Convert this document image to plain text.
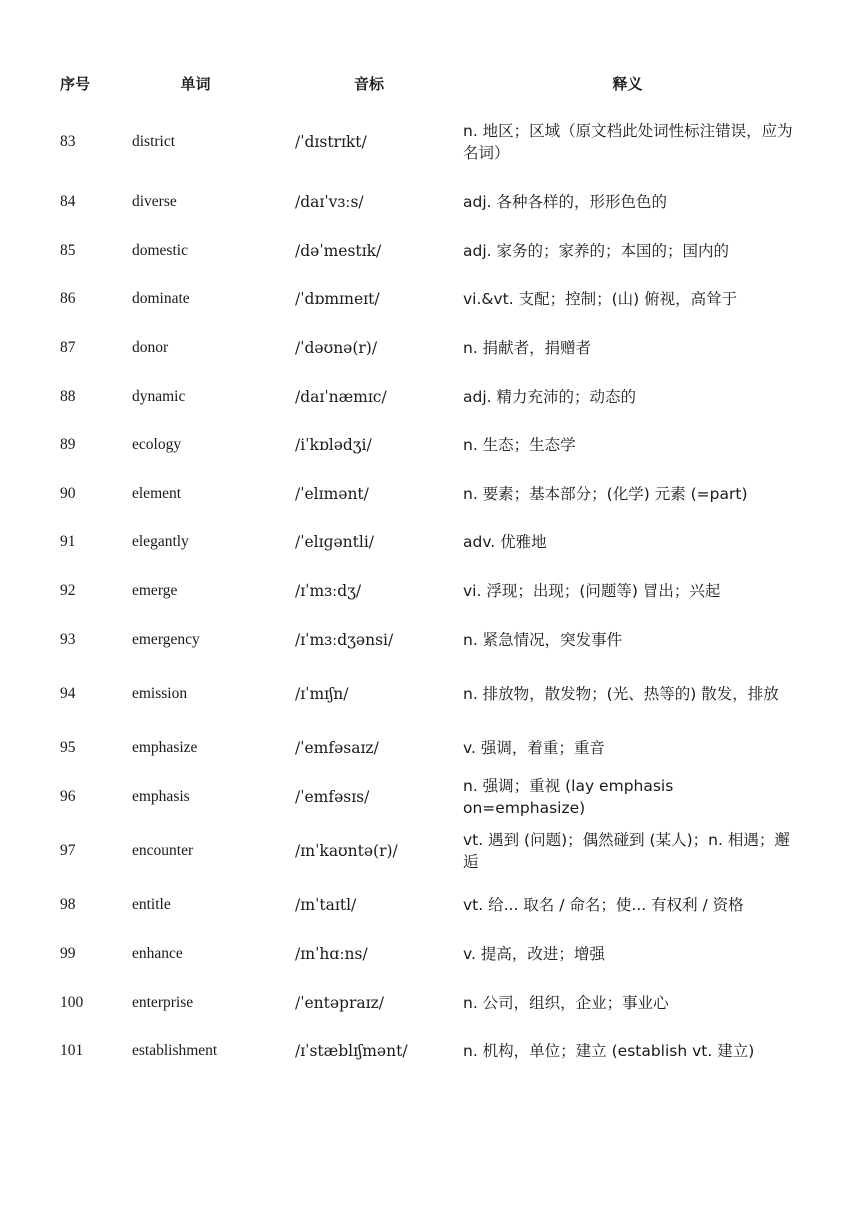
序号	单词	音标	释义
83	district	/ˈdɪstrɪkt/	n. 地区；区域（原文档此处词性标注错误，应为名词）
84	diverse	/daɪˈvɜːs/	adj. 各种各样的，形形色色的
85	domestic	/dəˈmestɪk/	adj. 家务的；家养的；本国的；国内的
86	dominate	/ˈdɒmɪneɪt/	vi.&vt. 支配；控制；(山) 俯视，高耸于
87	donor	/ˈdəʊnə(r)/	n. 捐献者，捐赠者
88	dynamic	/daɪˈnæmɪc/	adj. 精力充沛的；动态的
89	ecology	/iˈkɒlədʒi/	n. 生态；生态学
90	element	/ˈelɪmənt/	n. 要素；基本部分；(化学) 元素 (=part)
91	elegantly	/ˈelɪɡəntli/	adv. 优雅地
92	emerge	/ɪˈmɜːdʒ/	vi. 浮现；出现；(问题等) 冒出；兴起
93	emergency	/ɪˈmɜːdʒənsi/	n. 紧急情况，突发事件
94	emission	/ɪˈmɪʃn/	n. 排放物，散发物；(光、热等的) 散发，排放
95	emphasize	/ˈemfəsaɪz/	v. 强调，着重；重音
96	emphasis	/ˈemfəsɪs/	n. 强调；重视 (lay emphasis on=emphasize)
97	encounter	/ɪnˈkaʊntə(r)/	vt. 遇到 (问题)；偶然碰到 (某人)；n. 相遇；邂逅
98	entitle	/ɪnˈtaɪtl/	vt. 给... 取名 / 命名；使... 有权利 / 资格
99	enhance	/ɪnˈhɑːns/	v. 提高，改进；增强
100	enterprise	/ˈentəpraɪz/	n. 公司，组织，企业；事业心
101	establishment	/ɪˈstæblɪʃmənt/	n. 机构，单位；建立 (establish vt. 建立)
